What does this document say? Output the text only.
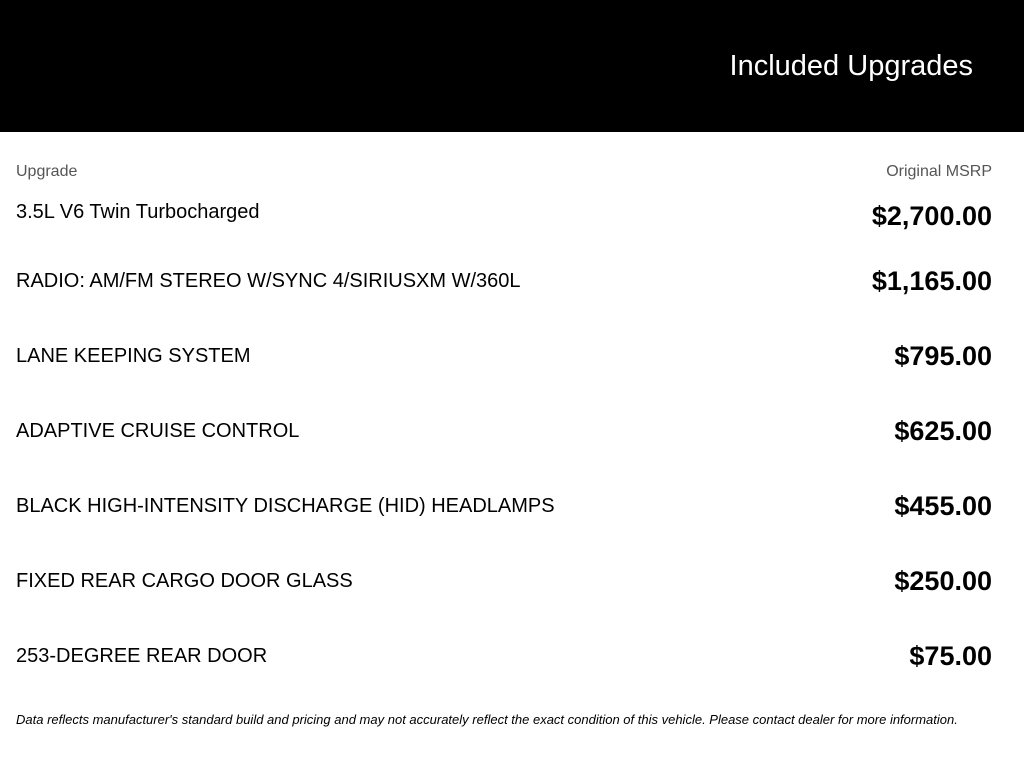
Included Upgrades
Upgrade	Original MSRP
3.5L V6 Twin Turbocharged	$2,700.00
RADIO: AM/FM STEREO W/SYNC 4/SIRIUSXM W/360L	$1,165.00
LANE KEEPING SYSTEM	$795.00
ADAPTIVE CRUISE CONTROL	$625.00
BLACK HIGH-INTENSITY DISCHARGE (HID) HEADLAMPS	$455.00
FIXED REAR CARGO DOOR GLASS	$250.00
253-DEGREE REAR DOOR	$75.00

Data reflects manufacturer's standard build and pricing and may not accurately reflect the exact condition of this vehicle. Please contact dealer for more information.
